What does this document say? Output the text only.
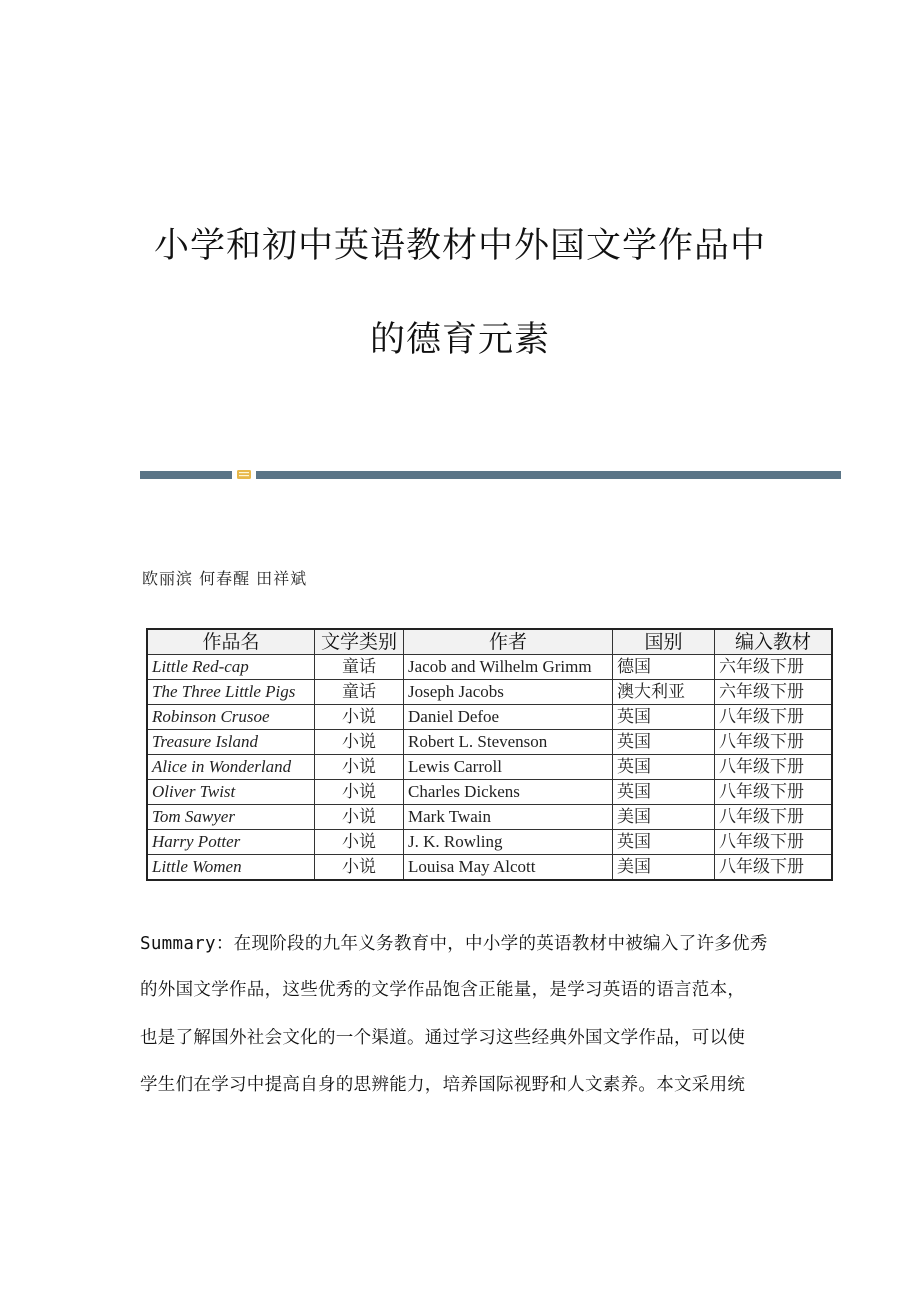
小学和初中英语教材中外国文学作品中
的德育元素
欧丽滨 何春醒 田祥斌
作品名	文学类别	作者	国别	编入教材
Little Red-cap	童话	Jacob and Wilhelm Grimm	德国	六年级下册
The Three Little Pigs	童话	Joseph Jacobs	澳大利亚	六年级下册
Robinson Crusoe	小说	Daniel Defoe	英国	八年级下册
Treasure Island	小说	Robert L. Stevenson	英国	八年级下册
Alice in Wonderland	小说	Lewis Carroll	英国	八年级下册
Oliver Twist	小说	Charles Dickens	英国	八年级下册
Tom Sawyer	小说	Mark Twain	美国	八年级下册
Harry Potter	小说	J. K. Rowling	英国	八年级下册
Little Women	小说	Louisa May Alcott	美国	八年级下册
Summary：在现阶段的九年义务教育中，中小学的英语教材中被编入了许多优秀
的外国文学作品，这些优秀的文学作品饱含正能量，是学习英语的语言范本，
也是了解国外社会文化的一个渠道。通过学习这些经典外国文学作品，可以使
学生们在学习中提高自身的思辨能力，培养国际视野和人文素养。本文采用统
